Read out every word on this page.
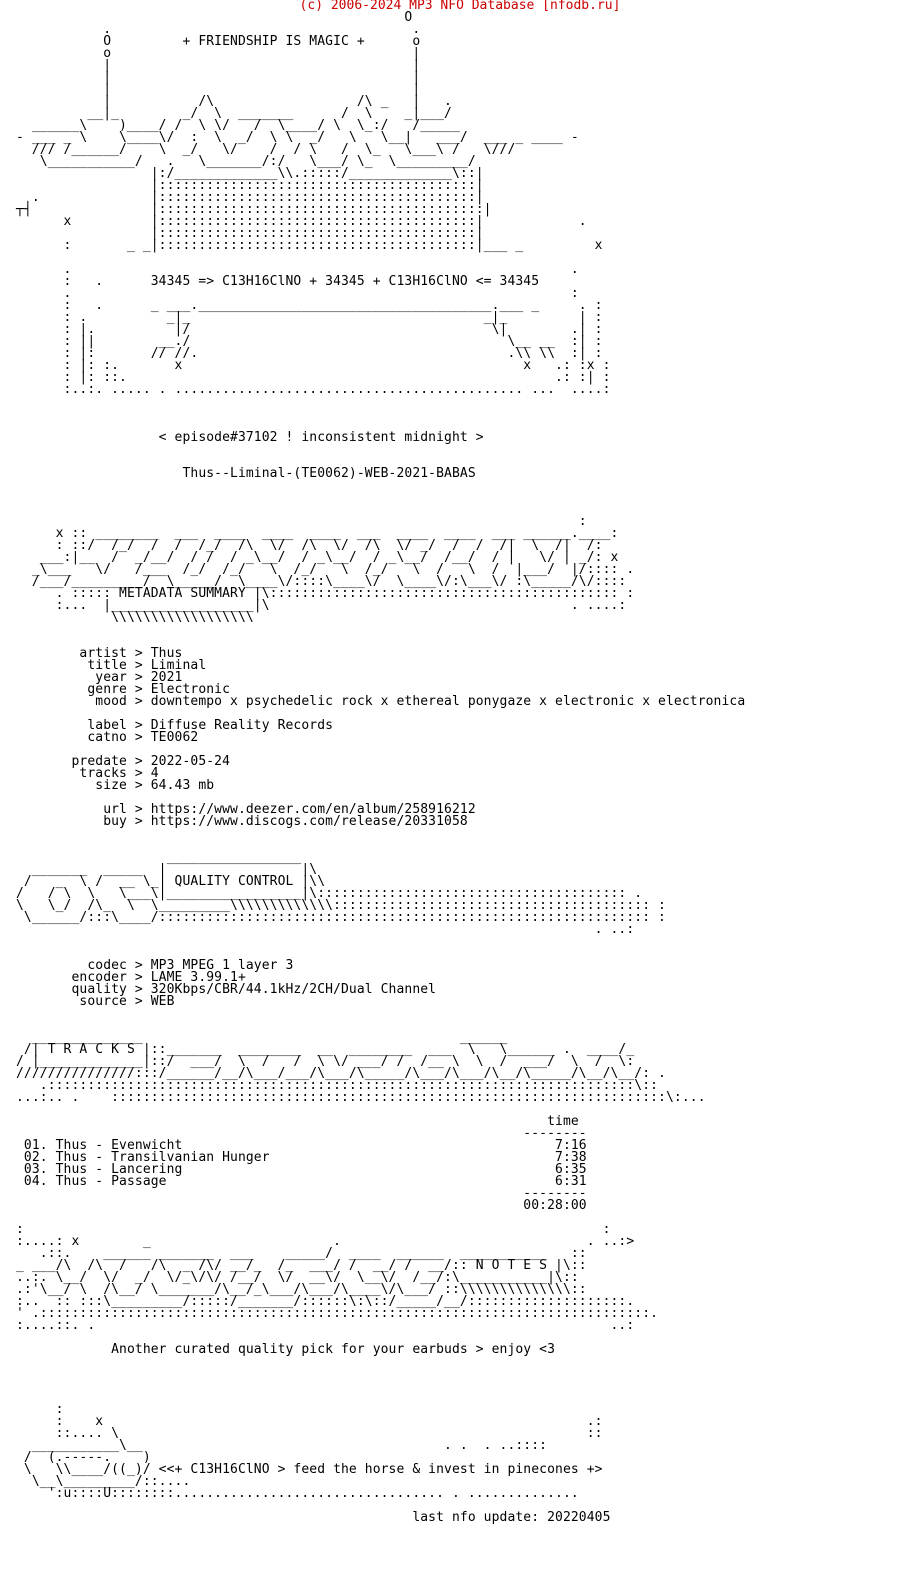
(c) 2006-2024 MP3 NFO Database [nfodb.ru]
O
.                                      .
O         + FRIENDSHIP IS MAGIC +      o
o                                      |
|                                      |
|                                      |
|                                      |
|           /\                  /\ _   |   .
__|_        _/  \  _______      /  \    _|___/
______\    )____/ /  \ \/   /  \____/ \  \_:/   /_____
- ___ _ \    \____\/  :  \  _/  \ \  _/   \   \__|   ___/  ___ _ ____ -
/// /______/    \  _/   \/    /  / \   /  \_   \___\ /   \///
\___________/   .   \_______/:/   \___/ \_  \_________/
|:/_____________\\.:::::/_____________\::|
|::::::::::::::::::::::::::::::::::::::::|
.              |::::::::::::::::::::::::::::::::::::::::|
┬┤               |:::::::::::::::::::::::::::::::::::::::::|
x          |::::::::::::::::::::::::::::::::::::::::|            .
|::::::::::::::::::::::::::::::::::::::::|
:       _ _|::::::::::::::::::::::::::::::::::::::::|___ _         x

.                                                               .
:   .      34345 => C13H16ClNO + 34345 + C13H16ClNO <= 34345
.                                                               :
:   .      _ ___._____________________________________.___ _     . :
: .          _|_                                     _|_         | :
: |.          |/                                      \|        .| :
: ||        __./                                        \__ __  :| :
: |:       // //.                                       .\\ \\  :| :
: |: :.       x                                           x   .: :x :
: |: ::.                                                      .: :| :
:..:. ..... . ............................................ ...  ....:

< episode#37102 ! inconsistent midnight >

Thus--Liminal-(TE0062)-WEB-2021-BABAS

:
x :: ________  ___  ____  ____  ____  ___  ____  ____  ___ ______.____:
: ::/  /_/  /  /  /_/  /\  \/  /\  \/  /\  \/ _/  /  /  /|  \  /|  /:
___:|__  /  _/__/  / /  / _\__/  / _\__/  / _\__/  /__/  / |   \/ | _/: x
_\___   \/   /___  /_/  /_/   \  /_/   \  /_/   \  /   \  /  |___/  |/:::: .
/___/_________/  \_____/  \____\/::::\____\/  \____\/:\___\/ :\_____/\/::::
. ::::: METADATA SUMMARY |\:::::::::::::::::::::::::::::::::::::::::::: :
:...  |__________________|\                                      . ....:
\\\\\\\\\\\\\\\\\\

artist > Thus
title > Liminal
year > 2021
genre > Electronic
mood > downtempo x psychedelic rock x ethereal ponygaze x electronic x electronica

label > Diffuse Reality Records
catno > TE0062

predate > 2022-05-24
tracks > 4
size > 64.43 mb

url > https://www.deezer.com/en/album/258916212
buy > https://www.discogs.com/release/20331058

_________________
_______  _____  |                 |\
/   _  \ /  __ \_| QUALITY CONTROL |\\
/   / \  \   \___\|_________________|\::::::::::::::::::::::::::::::::::::::: .
\   \_/  /\_  \  \_________\\\\\\\\\\\\\:::::::::::::::::::::::::::::::::::::::: :
\______/:::\____/:::::::::::::::::::::::::::::::::::::::::::::::::::::::::::::: :
. ..:

codec > MP3 MPEG 1 layer 3
encoder > LAME 3.99.1+
quality > 320Kbps/CBR/44.1kHz/2CH/Dual Channel
source > WEB

______________                                        ______
/| T R A C K S |::_______  ________  __  ________  ___  \   \______ .  ____/_
/ |_____________|::/  ___/  \  /   /  \ \/ ___/ /  /__ \  \  /  ___/  \  /  \:
///////////////:::/______/__/\___/___/\___/\_____/\___/\___/\__/\_____/\__/\__/: .
.::::::::::::::::::::::::::::::::::::::::::::::::::::::::::::::::::::::::::\::
...:.. .    ::::::::::::::::::::::::::::::::::::::::::::::::::::::::::::::::::::::\:...

time
--------
01. Thus - Evenwicht                                               7:16
02. Thus - Transilvanian Hunger                                    7:38
03. Thus - Lancering                                               6:35
04. Thus - Passage                                                 6:31
--------
00:28:00

:                                                                         :
:....: x        _                       .                               . ..:>
.::.    ______ _______  ___    _____/  ____  ______  ___________   ::
_ ___/\  /\  /   /\  _ /\/ __/_  /_  ___/ /  __/ /  __/:: N O T E S |\::
..:. \__/  \/  _/  \/_\/\/ /__/  \/  __\/  \__\/  /__/:\___________|\::
.:'\__/ \  /\__/ \_______/\__/_\___/\___/\____\/\___/ ::\\\\\\\\\\\\\\::
:..  :: :::\_________/:::::/_______/::::::\:\::/_____/__/::::::::::::::::::::.
' .:::::::::::::::::::::::::::::::::::::::::::::::::::::::::::::::::::::::::::::.
:....::. .                                                                 ..:

Another curated quality pick for your earbuds > enjoy <3

:
:    x                                                             .:
::.... \                                                           ::
___________\__                                      . .  . ..::::
/  (.-----.    )
\   \\____/((_)/ <<+ C13H16ClNO > feed the horse & invest in pinecones +>
\__\_________/::....
':u::::U::::::::.................................. . ..............

last nfo update: 20220405
